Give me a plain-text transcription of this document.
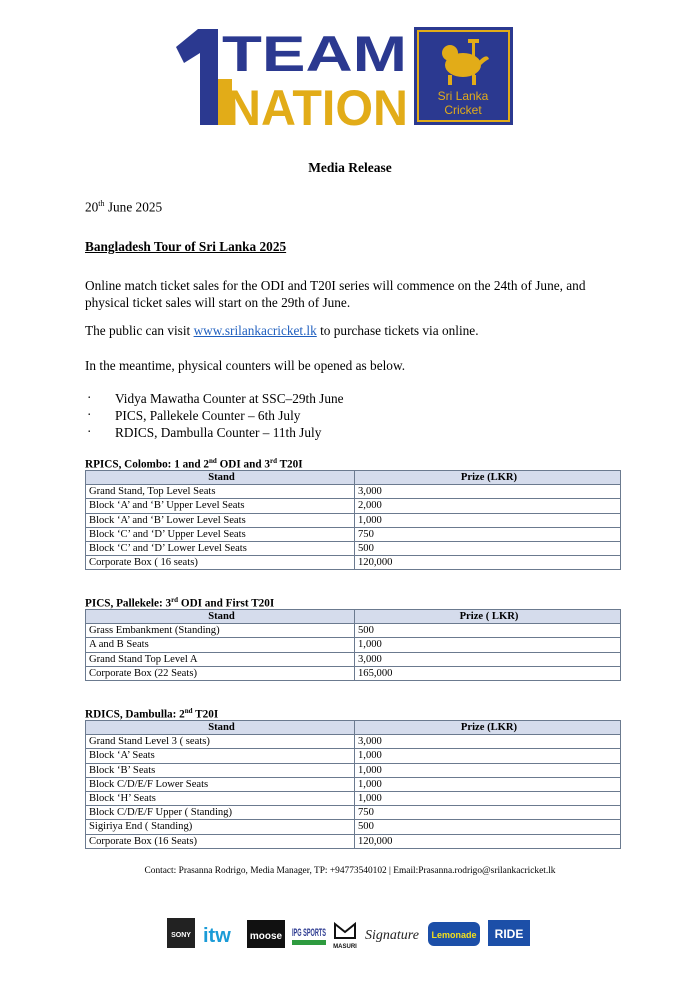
TEAM
NATION Sri Lanka
Cricket
Media Release
20th June 2025
Bangladesh Tour of Sri Lanka 2025
Online match ticket sales for the ODI and T20I series will commence on the 24th of June, and physical ticket sales will start on the 29th of June.
The public can visit www.srilankacricket.lk to purchase tickets via online.
In the meantime, physical counters will be opened as below.
· Vidya Mawatha Counter at SSC–29th June
· PICS, Pallekele Counter – 6th July
· RDICS, Dambulla Counter – 11th July
RPICS, Colombo: 1 and 2nd ODI and 3rd T20I
Stand	Prize (LKR)
Grand Stand, Top Level Seats	3,000
Block ‘A’ and ‘B’ Upper Level Seats	2,000
Block ‘A’ and ‘B’ Lower Level Seats	1,000
Block ‘C’ and ‘D’ Upper Level Seats	750
Block ‘C’ and ‘D’ Lower Level Seats	500
Corporate Box ( 16 seats)	120,000
PICS, Pallekele: 3rd ODI and First T20I
Stand	Prize ( LKR)
Grass Embankment (Standing)	500
A and B Seats	1,000
Grand Stand Top Level A	3,000
Corporate Box (22 Seats)	165,000
RDICS, Dambulla: 2nd T20I
Stand	Prize (LKR)
Grand Stand Level 3 ( seats)	3,000
Block ‘A’ Seats	1,000
Block ‘B’ Seats	1,000
Block C/D/E/F Lower Seats	1,000
Block ‘H’ Seats	1,000
Block C/D/E/F Upper ( Standing)	750
Sigiriya End ( Standing)	500
Corporate Box (16 Seats)	120,000
Contact: Prasanna Rodrigo, Media Manager, TP: +94773540102 | Email:Prasanna.rodrigo@srilankacricket.lk
SONY itw moose IPG SPORTS
MASURI
Signature Lemonade RIDE
